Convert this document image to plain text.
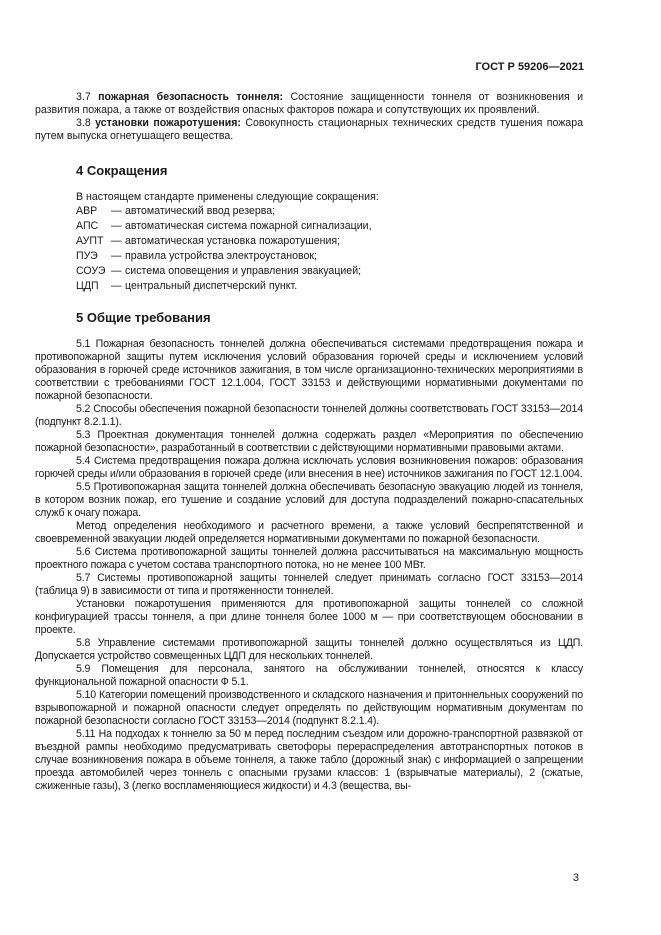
ГОСТ Р 59206—2021

3.7 пожарная безопасность тоннеля: Состояние защищенности тоннеля от возникновения и развития пожара, а также от воздействия опасных факторов пожара и сопутствующих их проявлений.

3.8 установки пожаротушения: Совокупность стационарных технических средств тушения пожара путем выпуска огнетушащего вещества.

4 Сокращения

В настоящем стандарте применены следующие сокращения:

АВР	— автоматический ввод резерва;
АПС	— автоматическая система пожарной сигнализации,
АУПТ — автоматическая установка пожаротушения;
ПУЭ	— правила устройства электроустановок;
СОУЭ — система оповещения и управления эвакуацией;
ЦДП	— центральный диспетчерский пункт.
5 Общие требования

5.1 Пожарная безопасность тоннелей должна обеспечиваться системами предотвращения пожара и противопожарной защиты путем исключения условий образования горючей среды и исключением условий образования в горючей среде источников зажигания, в том числе организационно-технических мероприятиями в соответствии с требованиями ГОСТ 12.1.004, ГОСТ 33153 и действующими нормативными документами по пожарной безопасности.

5.2 Способы обеспечения пожарной безопасности тоннелей должны соответствовать ГОСТ 33153—2014 (подпункт 8.2.1.1).

5.3 Проектная документация тоннелей должна содержать раздел «Мероприятия по обеспечению пожарной безопасности», разработанный в соответствии с действующими нормативными правовыми актами.

5.4 Система предотвращения пожара должна исключать условия возникновения пожаров: образования горючей среды и/или образования в горючей среде (или внесения в нее) источников зажигания по ГОСТ 12.1.004.

5.5 Противопожарная защита тоннелей должна обеспечивать безопасную эвакуацию людей из тоннеля, в котором возник пожар, его тушение и создание условий для доступа подразделений пожарно-спасательных служб к очагу пожара.

Метод определения необходимого и расчетного времени, а также условий беспрепятственной и своевременной эвакуации людей определяется нормативными документами по пожарной безопасности.

5.6 Система противопожарной защиты тоннелей должна рассчитываться на максимальную мощность проектного пожара с учетом состава транспортного потока, но не менее 100 МВт.

5.7 Системы противопожарной защиты тоннелей следует принимать согласно ГОСТ 33153—2014 (таблица 9) в зависимости от типа и протяженности тоннелей.

Установки пожаротушения применяются для противопожарной защиты тоннелей со сложной конфигурацией трассы тоннеля, а при длине тоннеля более 1000 м — при соответствующем обосновании в проекте.

5.8 Управление системами противопожарной защиты тоннелей должно осуществляться из ЦДП. Допускается устройство совмещенных ЦДП для нескольких тоннелей.

5.9 Помещения для персонала, занятого на обслуживании тоннелей, относятся к классу функциональной пожарной опасности Ф 5.1.

5.10 Категории помещений производственного и складского назначения и притоннельных сооружений по взрывопожарной и пожарной опасности следует определять по действующим нормативным документам по пожарной безопасности согласно ГОСТ 33153—2014 (подпункт 8.2.1.4).

5.11 На подходах к тоннелю за 50 м перед последним съездом или дорожно-транспортной развязкой от въездной рампы необходимо предусматривать светофоры перераспределения автотранспортных потоков в случае возникновения пожара в объеме тоннеля, а также табло (дорожный знак) с информацией о запрещении проезда автомобилей через тоннель с опасными грузами классов: 1 (взрывчатые материалы), 2 (сжатые, сжиженные газы), 3 (легко воспламеняющиеся жидкости) и 4.3 (вещества, вы-

3
